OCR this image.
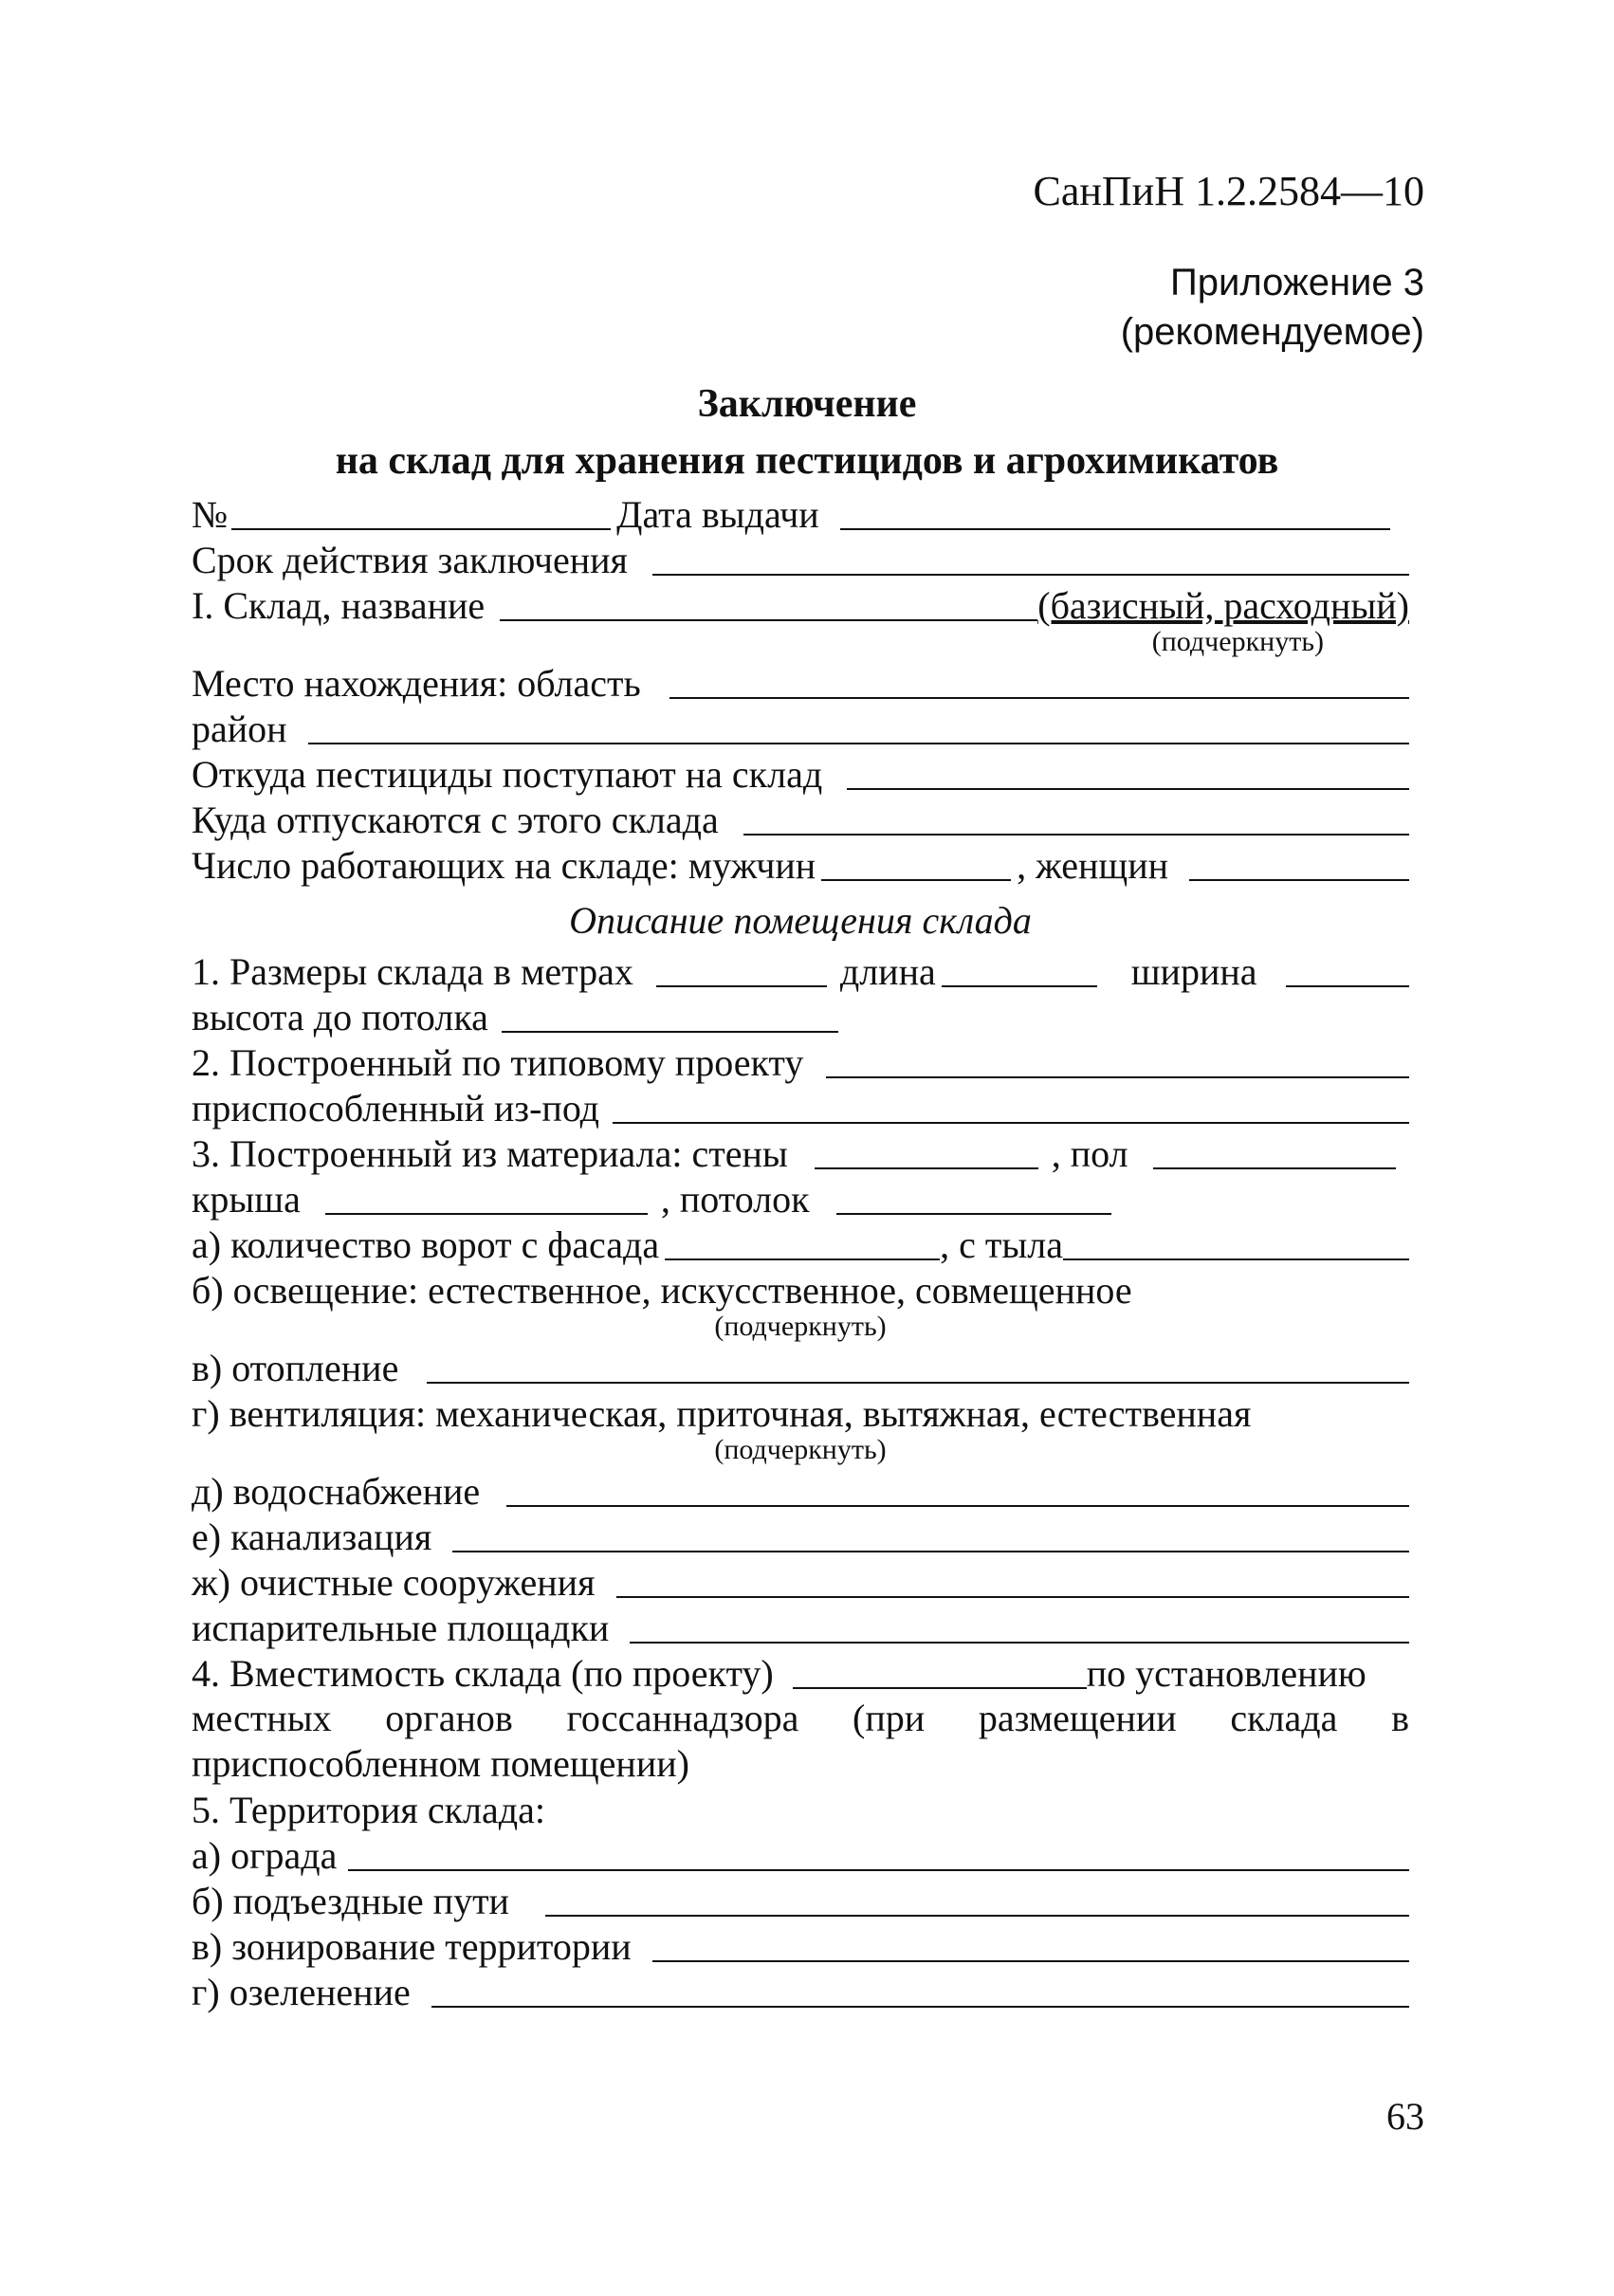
СанПиН 1.2.2584—10
Приложение 3
(рекомендуемое)
Заключение
на склад для хранения пестицидов и агрохимикатов
№	Дата выдачи
Срок действия заключения
I. Склад, название	(базисный, расходный)
(подчеркнуть)
Место нахождения: область
район
Откуда пестициды поступают на склад
Куда отпускаются с этого склада
Число работающих на складе: мужчин	, женщин
Описание помещения склада
1. Размеры склада в метрах	длина	ширина
высота до потолка
2. Построенный по типовому проекту
приспособленный из-под
3. Построенный из материала: стены	, пол
крыша	, потолок
а) количество ворот с фасада	, с тыла
б) освещение: естественное, искусственное, совмещенное
(подчеркнуть)
в) отопление
г) вентиляция: механическая, приточная, вытяжная, естественная
(подчеркнуть)
д) водоснабжение
е) канализация
ж) очистные сооружения
испарительные площадки
4. Вместимость склада (по проекту)	по установлению
местных органов госсаннадзора (при размещении склада в приспособленном помещении)
5. Территория склада:
а) ограда
б) подъездные пути
в) зонирование территории
г) озеленение
63
